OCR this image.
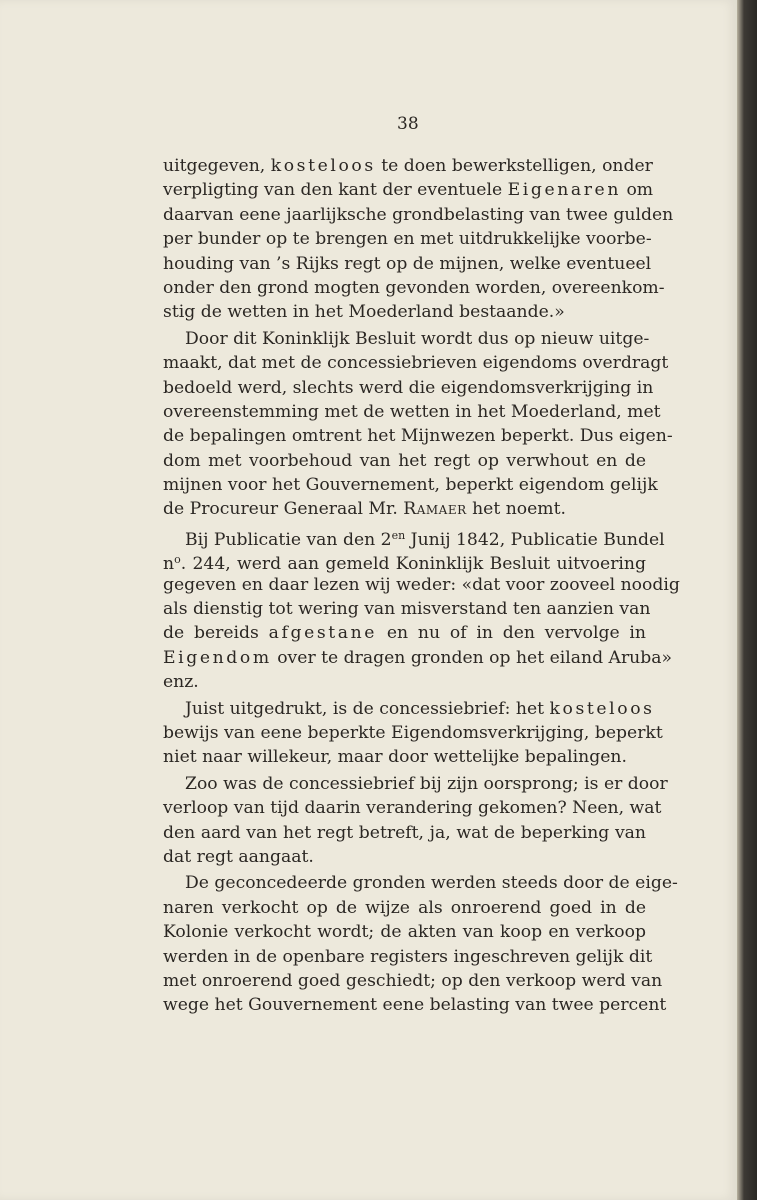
38
uitgegeven, kosteloos te doen bewerkstelligen, onder
verpligting van den kant der eventuele Eigenaren om
daarvan eene jaarlijksche grondbelasting van twee gulden
per bunder op te brengen en met uitdrukkelijke voorbe-
houding van ’s Rijks regt op de mijnen, welke eventueel
onder den grond mogten gevonden worden, overeenkom-
stig de wetten in het Moederland bestaande.»
Door dit Koninklijk Besluit wordt dus op nieuw uitge-
maakt, dat met de concessiebrieven eigendoms overdragt
bedoeld werd, slechts werd die eigendomsverkrijging in
overeenstemming met de wetten in het Moederland, met
de bepalingen omtrent het Mijnwezen beperkt. Dus eigen-
dom met voorbehoud van het regt op verwhout en de
mijnen voor het Gouvernement, beperkt eigendom gelijk
de Procureur Generaal Mr. Ramaer het noemt.
Bij Publicatie van den $2^{en}$ Junij 1842, Publicatie Bundel
$n^o$. 244, werd aan gemeld Koninklijk Besluit uitvoering
gegeven en daar lezen wij weder: «dat voor zooveel noodig
als dienstig tot wering van misverstand ten aanzien van
de bereids afgestane en nu of in den vervolge in
Eigendom over te dragen gronden op het eiland Aruba»
enz.
Juist uitgedrukt, is de concessiebrief: het kosteloos
bewijs van eene beperkte Eigendomsverkrijging, beperkt
niet naar willekeur, maar door wettelijke bepalingen.
Zoo was de concessiebrief bij zijn oorsprong; is er door
verloop van tijd daarin verandering gekomen? Neen, wat
den aard van het regt betreft, ja, wat de beperking van
dat regt aangaat.
De geconcedeerde gronden werden steeds door de eige-
naren verkocht op de wijze als onroerend goed in de
Kolonie verkocht wordt; de akten van koop en verkoop
werden in de openbare registers ingeschreven gelijk dit
met onroerend goed geschiedt; op den verkoop werd van
wege het Gouvernement eene belasting van twee percent
